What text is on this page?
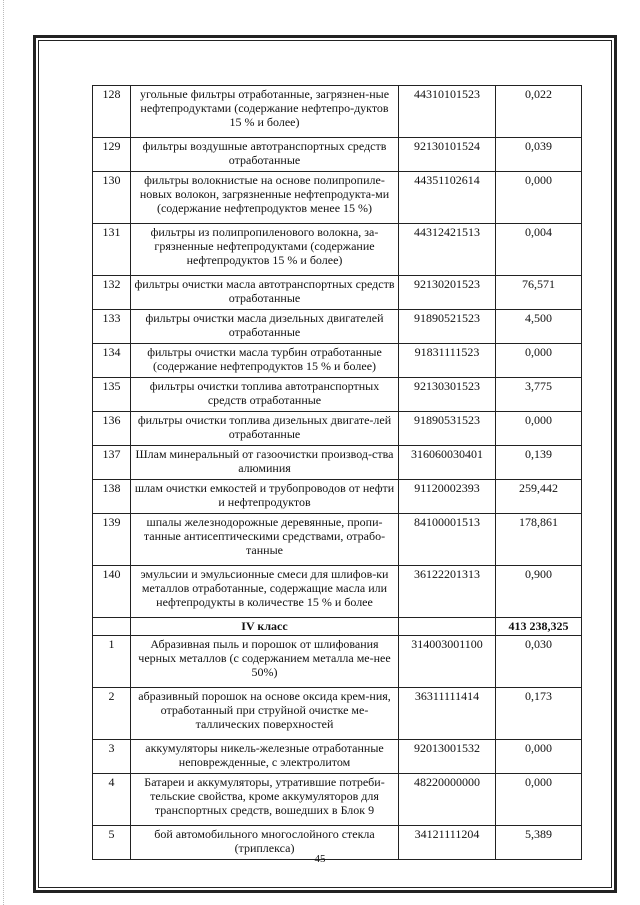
128	угольные фильтры отработанные, загрязнен-ные нефтепродуктами (содержание нефтепро-дуктов 15 % и более)	44310101523	0,022
129	фильтры воздушные автотранспортных средств отработанные	92130101524	0,039
130	фильтры волокнистые на основе полипропиле-новых волокон, загрязненные нефтепродукта-ми (содержание нефтепродуктов менее 15 %)	44351102614	0,000
131	фильтры из полипропиленового волокна, за-грязненные нефтепродуктами (содержание нефтепродуктов 15 % и более)	44312421513	0,004
132	фильтры очистки масла автотранспортных средств отработанные	92130201523	76,571
133	фильтры очистки масла дизельных двигателей отработанные	91890521523	4,500
134	фильтры очистки масла турбин отработанные (содержание нефтепродуктов 15 % и более)	91831111523	0,000
135	фильтры очистки топлива автотранспортных средств отработанные	92130301523	3,775
136	фильтры очистки топлива дизельных двигате-лей отработанные	91890531523	0,000
137	Шлам минеральный от газоочистки производ-ства алюминия	316060030401	0,139
138	шлам очистки емкостей и трубопроводов от нефти и нефтепродуктов	91120002393	259,442
139	шпалы железнодорожные деревянные, пропи-танные антисептическими средствами, отрабо-танные	84100001513	178,861
140	эмульсии и эмульсионные смеси для шлифов-ки металлов отработанные, содержащие масла или нефтепродукты в количестве 15 % и более	36122201313	0,900
	IV класс		413 238,325
1	Абразивная пыль и порошок от шлифования черных металлов (с содержанием металла ме-нее 50%)	314003001100	0,030
2	абразивный порошок на основе оксида крем-ния, отработанный при струйной очистке ме-таллических поверхностей	36311111414	0,173
3	аккумуляторы никель-железные отработанные неповрежденные, с электролитом	92013001532	0,000
4	Батареи и аккумуляторы, утратившие потреби-тельские свойства, кроме аккумуляторов для транспортных средств, вошедших в Блок 9	48220000000	0,000
5	бой автомобильного многослойного стекла (триплекса)	34121111204	5,389
45
